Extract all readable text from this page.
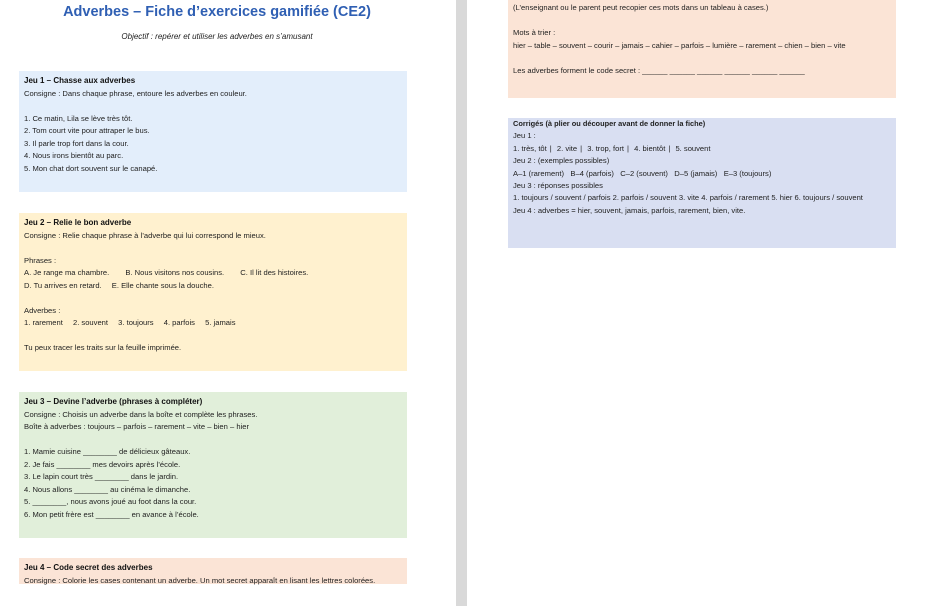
Adverbes – Fiche d’exercices gamifiée (CE2)
Objectif : repérer et utiliser les adverbes en s’amusant
Jeu 1 – Chasse aux adverbes
Consigne : Dans chaque phrase, entoure les adverbes en couleur.
1. Ce matin, Lila se lève très tôt.
2. Tom court vite pour attraper le bus.
3. Il parle trop fort dans la cour.
4. Nous irons bientôt au parc.
5. Mon chat dort souvent sur le canapé.
Jeu 2 – Relie le bon adverbe
Consigne : Relie chaque phrase à l’adverbe qui lui correspond le mieux.
Phrases :
A. Je range ma chambre. B. Nous visitons nos cousins. C. Il lit des histoires.
D. Tu arrives en retard. E. Elle chante sous la douche.
Adverbes :
1. rarement 2. souvent 3. toujours 4. parfois 5. jamais
Tu peux tracer les traits sur la feuille imprimée.
Jeu 3 – Devine l’adverbe (phrases à compléter)
Consigne : Choisis un adverbe dans la boîte et complète les phrases.
Boîte à adverbes : toujours – parfois – rarement – vite – bien – hier
1. Mamie cuisine ________ de délicieux gâteaux.
2. Je fais ________ mes devoirs après l’école.
3. Le lapin court très ________ dans le jardin.
4. Nous allons ________ au cinéma le dimanche.
5. ________, nous avons joué au foot dans la cour.
6. Mon petit frère est ________ en avance à l’école.
Jeu 4 – Code secret des adverbes
Consigne : Colorie les cases contenant un adverbe. Un mot secret apparaît en lisant les lettres colorées.
(L’enseignant ou le parent peut recopier ces mots dans un tableau à cases.)
Mots à trier :
hier – table – souvent – courir – jamais – cahier – parfois – lumière – rarement – chien – bien – vite
Les adverbes forment le code secret : ______ ______ ______ ______ ______ ______
Corrigés (à plier ou découper avant de donner la fiche)
Jeu 1 :
1. très, tôt | 2. vite | 3. trop, fort | 4. bientôt | 5. souvent
Jeu 2 : (exemples possibles)
A–1 (rarement) B–4 (parfois) C–2 (souvent) D–5 (jamais) E–3 (toujours)
Jeu 3 : réponses possibles
1. toujours / souvent / parfois 2. parfois / souvent 3. vite 4. parfois / rarement 5. hier 6. toujours / souvent
Jeu 4 : adverbes = hier, souvent, jamais, parfois, rarement, bien, vite.
